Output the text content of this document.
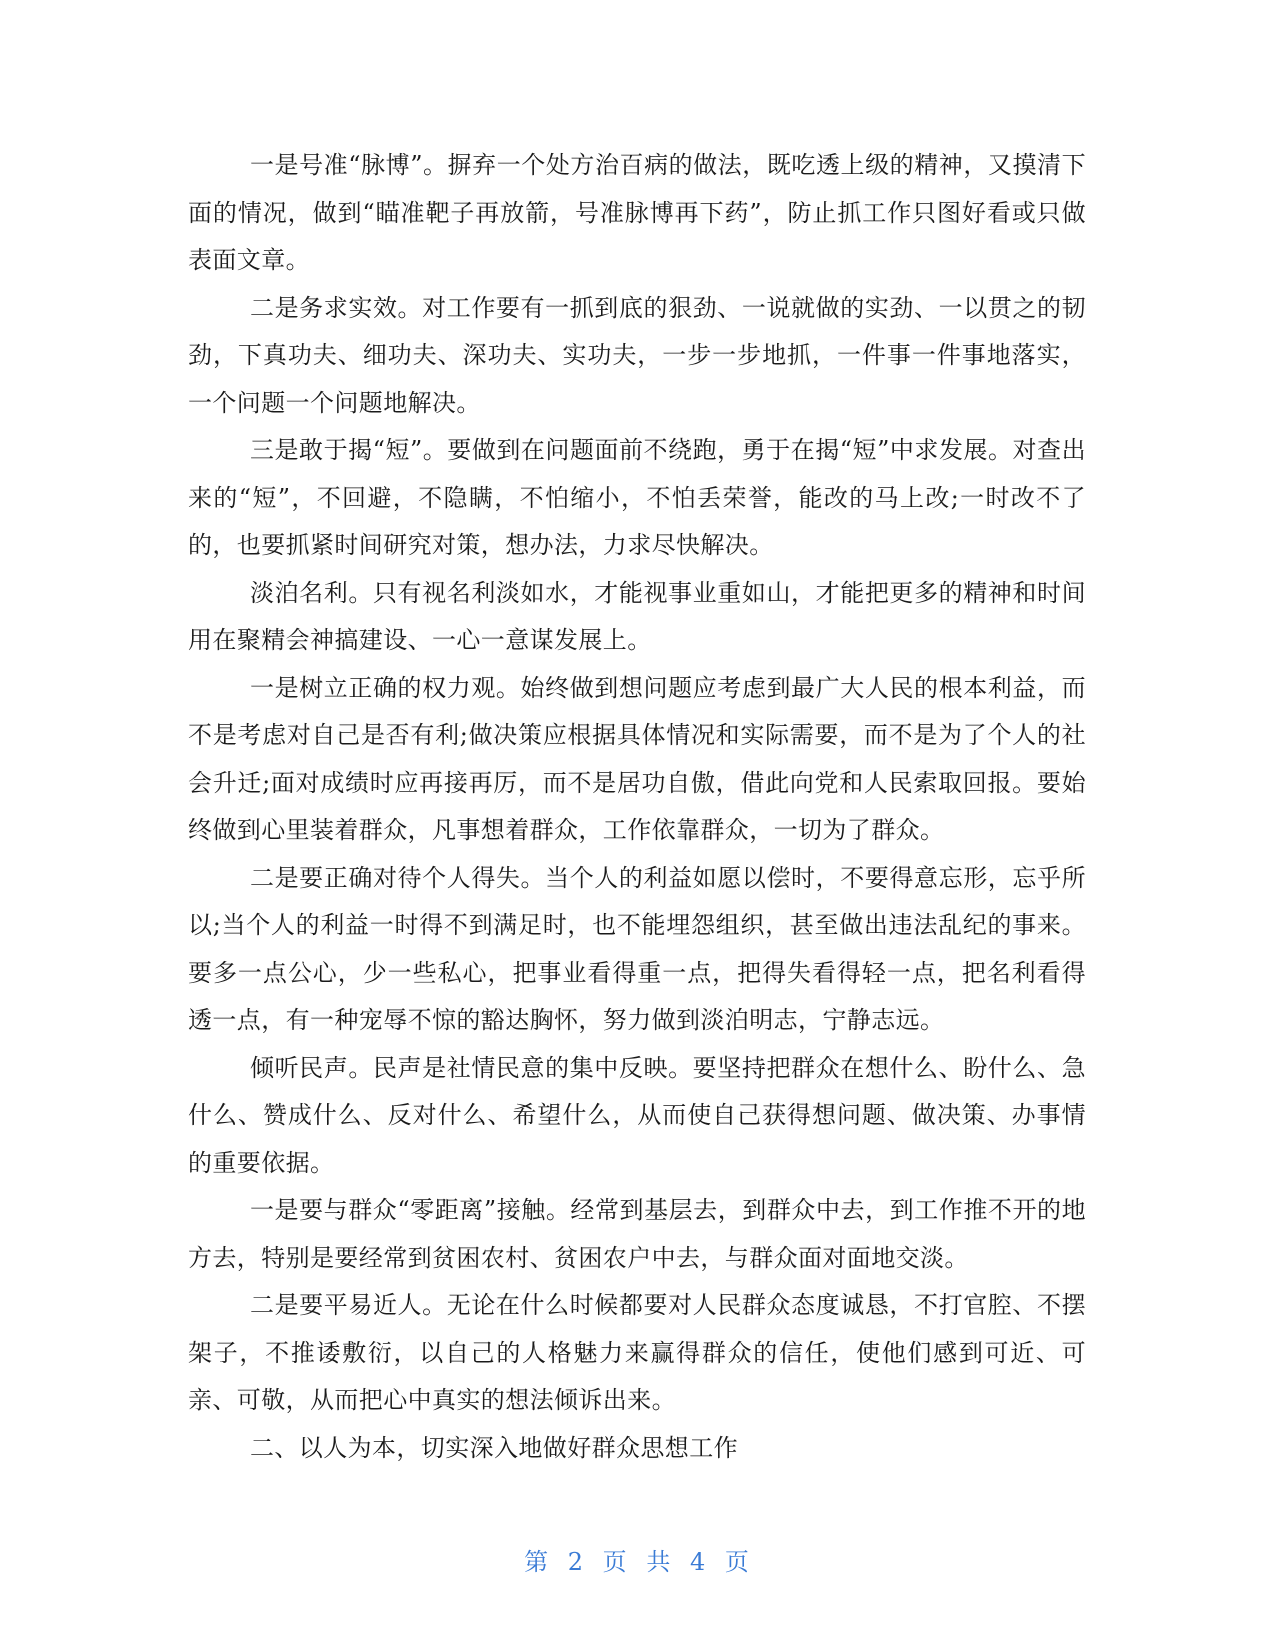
一是号准“脉博”。摒弃一个处方治百病的做法，既吃透上级的精神，又摸清下面的情况，做到“瞄准靶子再放箭，号准脉博再下药”，防止抓工作只图好看或只做表面文章。

二是务求实效。对工作要有一抓到底的狠劲、一说就做的实劲、一以贯之的韧劲，下真功夫、细功夫、深功夫、实功夫，一步一步地抓，一件事一件事地落实，一个问题一个问题地解决。

三是敢于揭“短”。要做到在问题面前不绕跑，勇于在揭“短”中求发展。对查出来的“短”，不回避，不隐瞒，不怕缩小，不怕丢荣誉，能改的马上改;一时改不了的，也要抓紧时间研究对策，想办法，力求尽快解决。

淡泊名利。只有视名利淡如水，才能视事业重如山，才能把更多的精神和时间用在聚精会神搞建设、一心一意谋发展上。

一是树立正确的权力观。始终做到想问题应考虑到最广大人民的根本利益，而不是考虑对自己是否有利;做决策应根据具体情况和实际需要，而不是为了个人的社会升迁;面对成绩时应再接再厉，而不是居功自傲，借此向党和人民索取回报。要始终做到心里装着群众，凡事想着群众，工作依靠群众，一切为了群众。

二是要正确对待个人得失。当个人的利益如愿以偿时，不要得意忘形，忘乎所以;当个人的利益一时得不到满足时，也不能埋怨组织，甚至做出违法乱纪的事来。要多一点公心，少一些私心，把事业看得重一点，把得失看得轻一点，把名利看得透一点，有一种宠辱不惊的豁达胸怀，努力做到淡泊明志，宁静志远。

倾听民声。民声是社情民意的集中反映。要坚持把群众在想什么、盼什么、急什么、赞成什么、反对什么、希望什么，从而使自己获得想问题、做决策、办事情的重要依据。

一是要与群众“零距离”接触。经常到基层去，到群众中去，到工作推不开的地方去，特别是要经常到贫困农村、贫困农户中去，与群众面对面地交淡。

二是要平易近人。无论在什么时候都要对人民群众态度诚恳，不打官腔、不摆架子，不推诿敷衍，以自己的人格魅力来赢得群众的信任，使他们感到可近、可亲、可敬，从而把心中真实的想法倾诉出来。

二、以人为本，切实深入地做好群众思想工作

第 2 页 共 4 页
